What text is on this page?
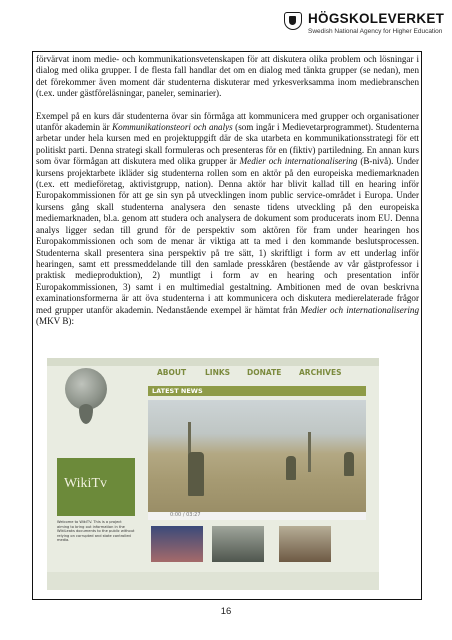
HÖGSKOLEVERKET
Swedish National Agency for Higher Education

förvärvat inom medie- och kommunikationsvetenskapen för att diskutera olika problem och lösningar i dialog med olika grupper. I de flesta fall handlar det om en dialog med tänkta grupper (se nedan), men det förekommer även moment där studenterna diskuterar med yrkesverksamma inom mediebranschen (t.ex. under gästföreläsningar, paneler, seminarier).

Exempel på en kurs där studenterna övar sin förmåga att kommunicera med grupper och organisationer utanför akademin är Kommunikationsteori och analys (som ingår i Medievetarprogrammet). Studenterna arbetar under hela kursen med en projektuppgift där de ska utarbeta en kommunikationsstrategi för ett politiskt parti. Denna strategi skall formuleras och presenteras för en (fiktiv) partiledning. En annan kurs som övar förmågan att diskutera med olika grupper är Medier och internationalisering (B-nivå). Under kursens projektarbete ikläder sig studenterna rollen som en aktör på den europeiska mediemarknaden (t.ex. ett medieföretag, aktivistgrupp, nation). Denna aktör har blivit kallad till en hearing inför Europakommissionen för att ge sin syn på utvecklingen inom public service-området i Europa. Under kursens gång skall studenterna analysera den senaste tidens utveckling på den europeiska mediemarknaden, bl.a. genom att studera och analysera de dokument som producerats inom EU. Denna analys ligger sedan till grund för de perspektiv som aktören för fram under hearingen hos Europakommissionen och som de menar är viktiga att ta med i den kommande beslutsprocessen. Studenterna skall presentera sina perspektiv på tre sätt, 1) skriftligt i form av ett underlag inför hearingen, samt ett pressmeddelande till den samlade presskåren (bestående av vår gästprofessor i praktisk medieproduktion), 2) muntligt i form av en hearing och presentation inför Europakommissionen, 3) samt i en multimedial gestaltning. Ambitionen med de ovan beskrivna examinationsformerna är att öva studenterna i att kommunicera och diskutera medierelaterade frågor med grupper utanför akademin. Nedanstående exempel är hämtat från Medier och internationalisering (MKV B):

ABOUT	LINKS DONATE ARCHIVES
LATEST NEWS
0:00 / 03:27
WikiTv
Welcome to WikiTV. This is a project aiming to bring out information in the WikiLeaks documents to the public without relying on corrupted and state controlled media.
16
